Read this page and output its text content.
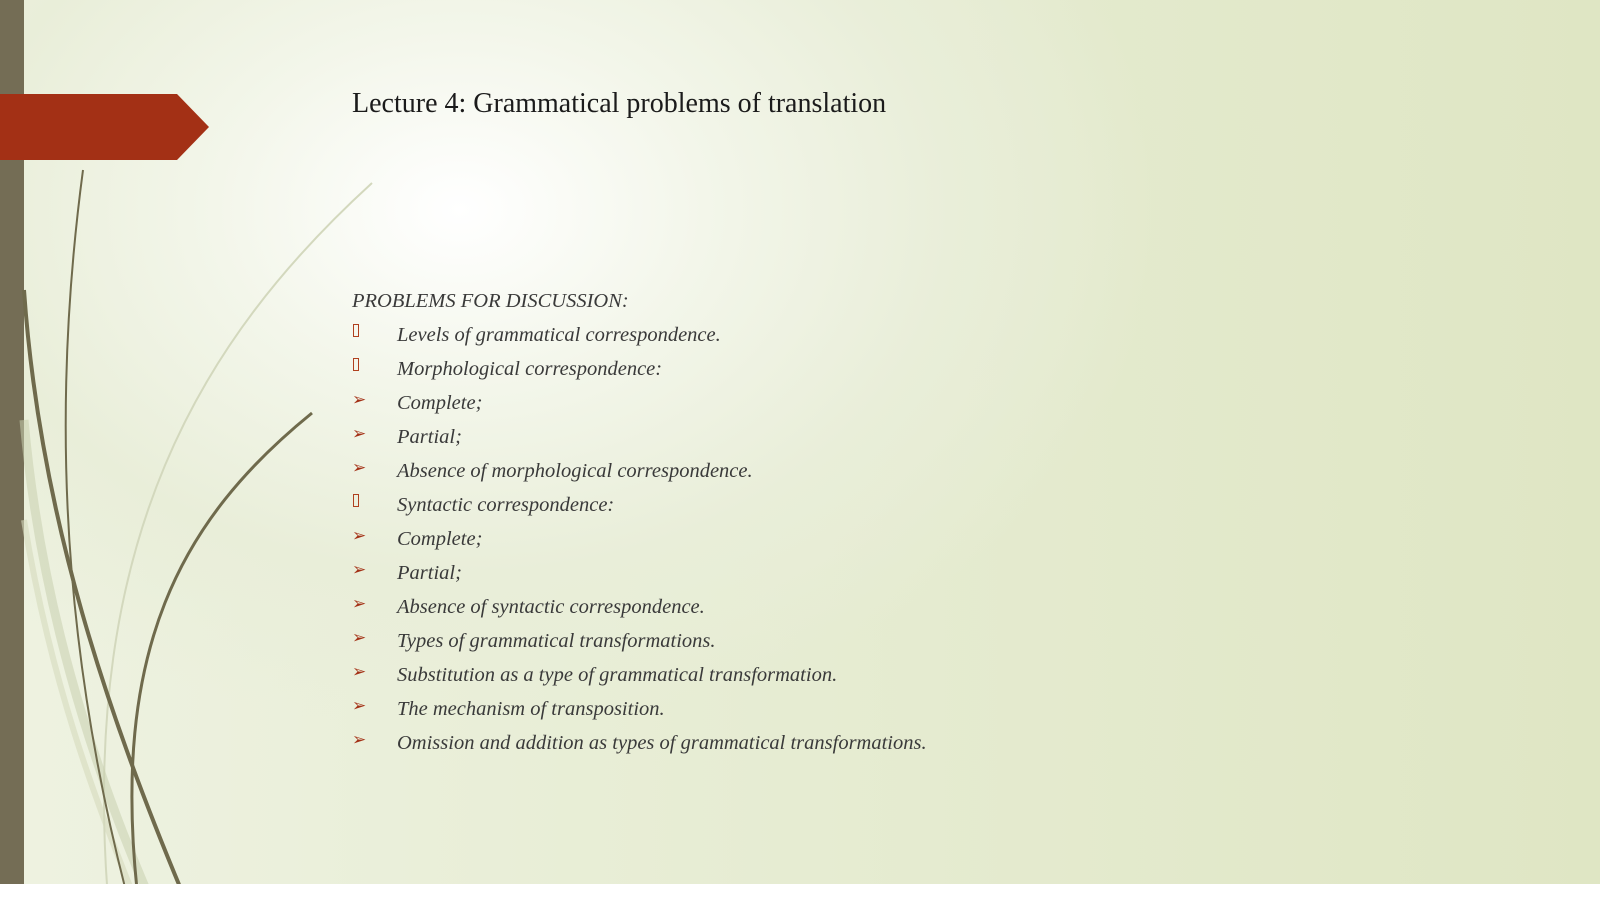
Lecture 4: Grammatical problems of translation
PROBLEMS FOR DISCUSSION:
Levels of grammatical correspondence.
Morphological correspondence:
➢ Complete;
➢ Partial;
➢ Absence of morphological correspondence.
Syntactic correspondence:
➢ Complete;
➢ Partial;
➢ Absence of syntactic correspondence.
➢ Types of grammatical transformations.
➢ Substitution as a type of grammatical transformation.
➢ The mechanism of transposition.
➢ Omission and addition as types of grammatical transformations.
